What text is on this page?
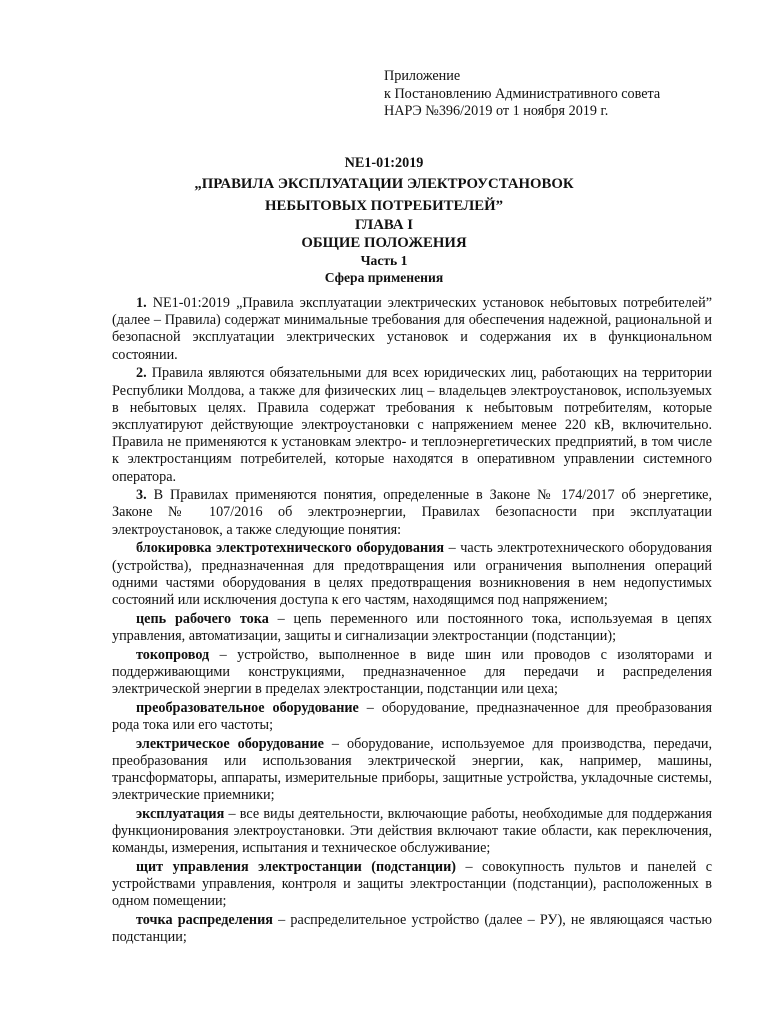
Приложение
к Постановлению Административного совета
НАРЭ №396/2019 от 1 ноября 2019 г.
NE1-01:2019
„ПРАВИЛА ЭКСПЛУАТАЦИИ ЭЛЕКТРОУСТАНОВОК
НЕБЫТОВЫХ ПОТРЕБИТЕЛЕЙ”
ГЛАВА I
ОБЩИЕ ПОЛОЖЕНИЯ
Часть 1
Сфера применения

1. NE1-01:2019 „Правила эксплуатации электрических установок небытовых потребителей” (далее – Правила) содержат минимальные требования для обеспечения надежной, рациональной и безопасной эксплуатации электрических установок и содержания их в функциональном состоянии.

2. Правила являются обязательными для всех юридических лиц, работающих на территории Республики Молдова, а также для физических лиц – владельцев электроустановок, используемых в небытовых целях. Правила содержат требования к небытовым потребителям, которые эксплуатируют действующие электроустановки с напряжением менее 220 кВ, включительно. Правила не применяются к установкам электро- и теплоэнергетических предприятий, в том числе к электростанциям потребителей, которые находятся в оперативном управлении системного оператора.

3. В Правилах применяются понятия, определенные в Законе № 174/2017 об энергетике, Законе № 107/2016 об электроэнергии, Правилах безопасности при эксплуатации электроустановок, а также следующие понятия:

блокировка электротехнического оборудования – часть электротехнического оборудования (устройства), предназначенная для предотвращения или ограничения выполнения операций одними частями оборудования в целях предотвращения возникновения в нем недопустимых состояний или исключения доступа к его частям, находящимся под напряжением;

цепь рабочего тока – цепь переменного или постоянного тока, используемая в цепях управления, автоматизации, защиты и сигнализации электростанции (подстанции);

токопровод – устройство, выполненное в виде шин или проводов с изоляторами и поддерживающими конструкциями, предназначенное для передачи и распределения электрической энергии в пределах электростанции, подстанции или цеха;

преобразовательное оборудование – оборудование, предназначенное для преобразования рода тока или его частоты;

электрическое оборудование – оборудование, используемое для производства, передачи, преобразования или использования электрической энергии, как, например, машины, трансформаторы, аппараты, измерительные приборы, защитные устройства, укладочные системы, электрические приемники;

эксплуатация – все виды деятельности, включающие работы, необходимые для поддержания функционирования электроустановки. Эти действия включают такие области, как переключения, команды, измерения, испытания и техническое обслуживание;

щит управления электростанции (подстанции) – совокупность пультов и панелей с устройствами управления, контроля и защиты электростанции (подстанции), расположенных в одном помещении;

точка распределения – распределительное устройство (далее – РУ), не являющаяся частью подстанции;
